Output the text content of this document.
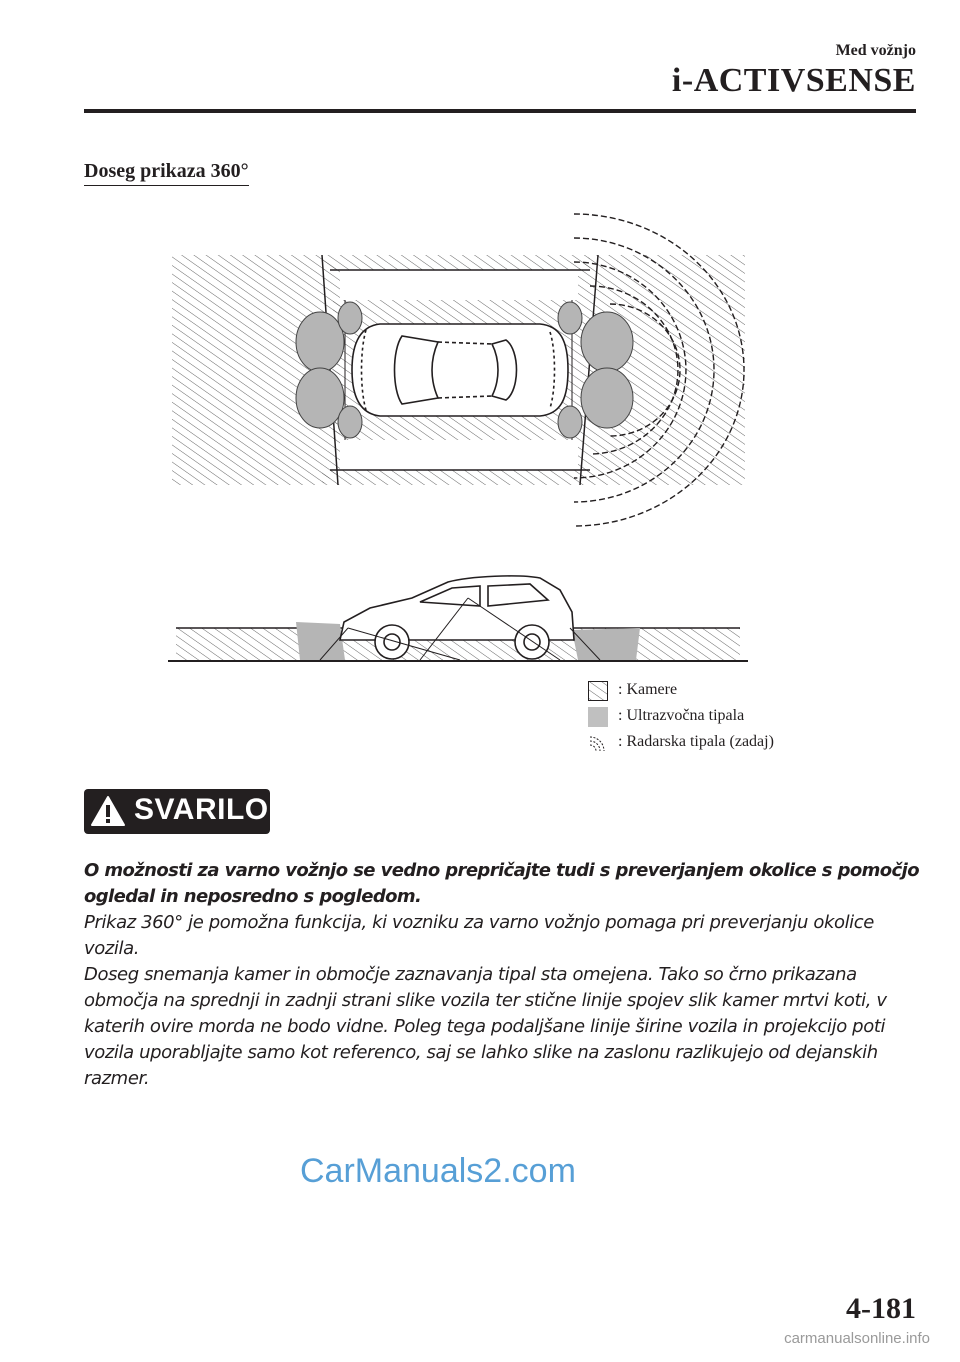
Med vožnjo
i-ACTIVSENSE
Doseg prikaza 360°
: Kamere
: Ultrazvočna tipala
: Radarska tipala (zadaj)
SVARILO

O možnosti za varno vožnjo se vedno prepričajte tudi s preverjanjem okolice s pomočjo ogledal in neposredno s pogledom.

Prikaz 360° je pomožna funkcija, ki vozniku za varno vožnjo pomaga pri preverjanju okolice vozila.

Doseg snemanja kamer in območje zaznavanja tipal sta omejena. Tako so črno prikazana območja na sprednji in zadnji strani slike vozila ter stične linije spojev slik kamer mrtvi koti, v katerih ovire morda ne bodo vidne. Poleg tega podaljšane linije širine vozila in projekcijo poti vozila uporabljajte samo kot referenco, saj se lahko slike na zaslonu razlikujejo od dejanskih razmer.

CarManuals2.com
4-181
carmanualsonline.info
